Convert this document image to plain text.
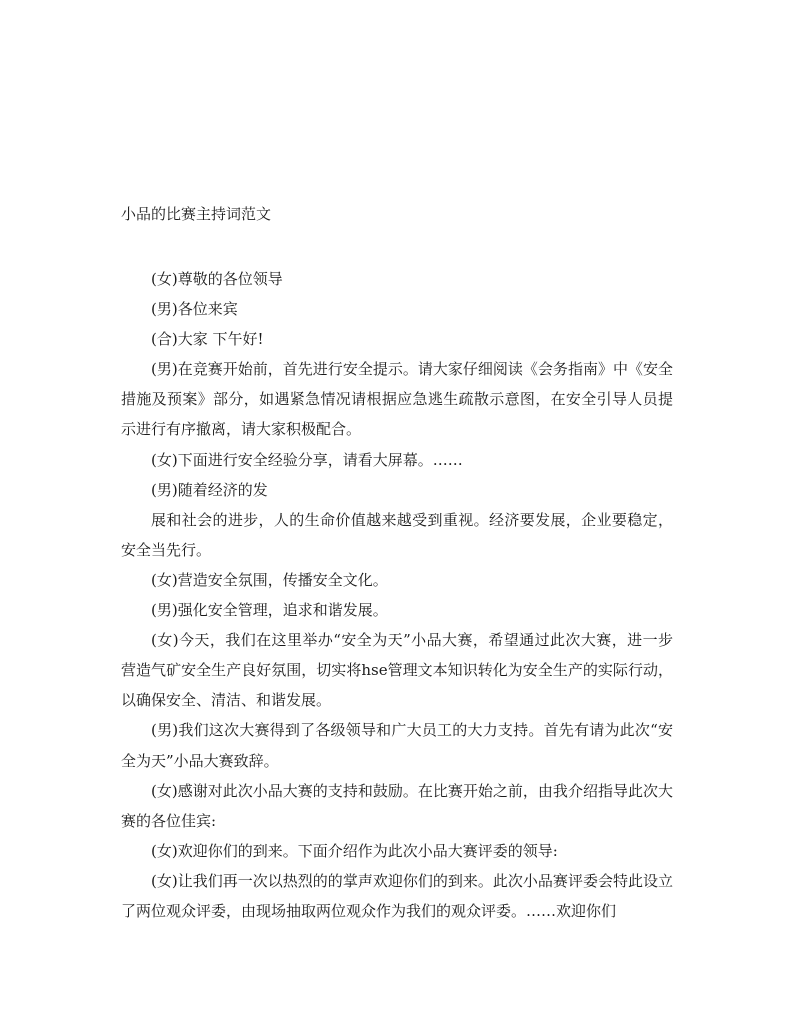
小品的比赛主持词范文

(女)尊敬的各位领导

(男)各位来宾

(合)大家 下午好!

(男)在竞赛开始前，首先进行安全提示。请大家仔细阅读《会务指南》中《安全措施及预案》部分，如遇紧急情况请根据应急逃生疏散示意图，在安全引导人员提示进行有序撤离，请大家积极配合。

(女)下面进行安全经验分享，请看大屏幕。……

(男)随着经济的发

展和社会的进步，人的生命价值越来越受到重视。经济要发展，企业要稳定，安全当先行。

(女)营造安全氛围，传播安全文化。

(男)强化安全管理，追求和谐发展。

(女)今天，我们在这里举办“安全为天”小品大赛，希望通过此次大赛，进一步营造气矿安全生产良好氛围，切实将hse管理文本知识转化为安全生产的实际行动，以确保安全、清洁、和谐发展。

(男)我们这次大赛得到了各级领导和广大员工的大力支持。首先有请为此次“安全为天”小品大赛致辞。

(女)感谢对此次小品大赛的支持和鼓励。在比赛开始之前，由我介绍指导此次大赛的各位佳宾:

(女)欢迎你们的到来。下面介绍作为此次小品大赛评委的领导:

(女)让我们再一次以热烈的的掌声欢迎你们的到来。此次小品赛评委会特此设立了两位观众评委，由现场抽取两位观众作为我们的观众评委。……欢迎你们
